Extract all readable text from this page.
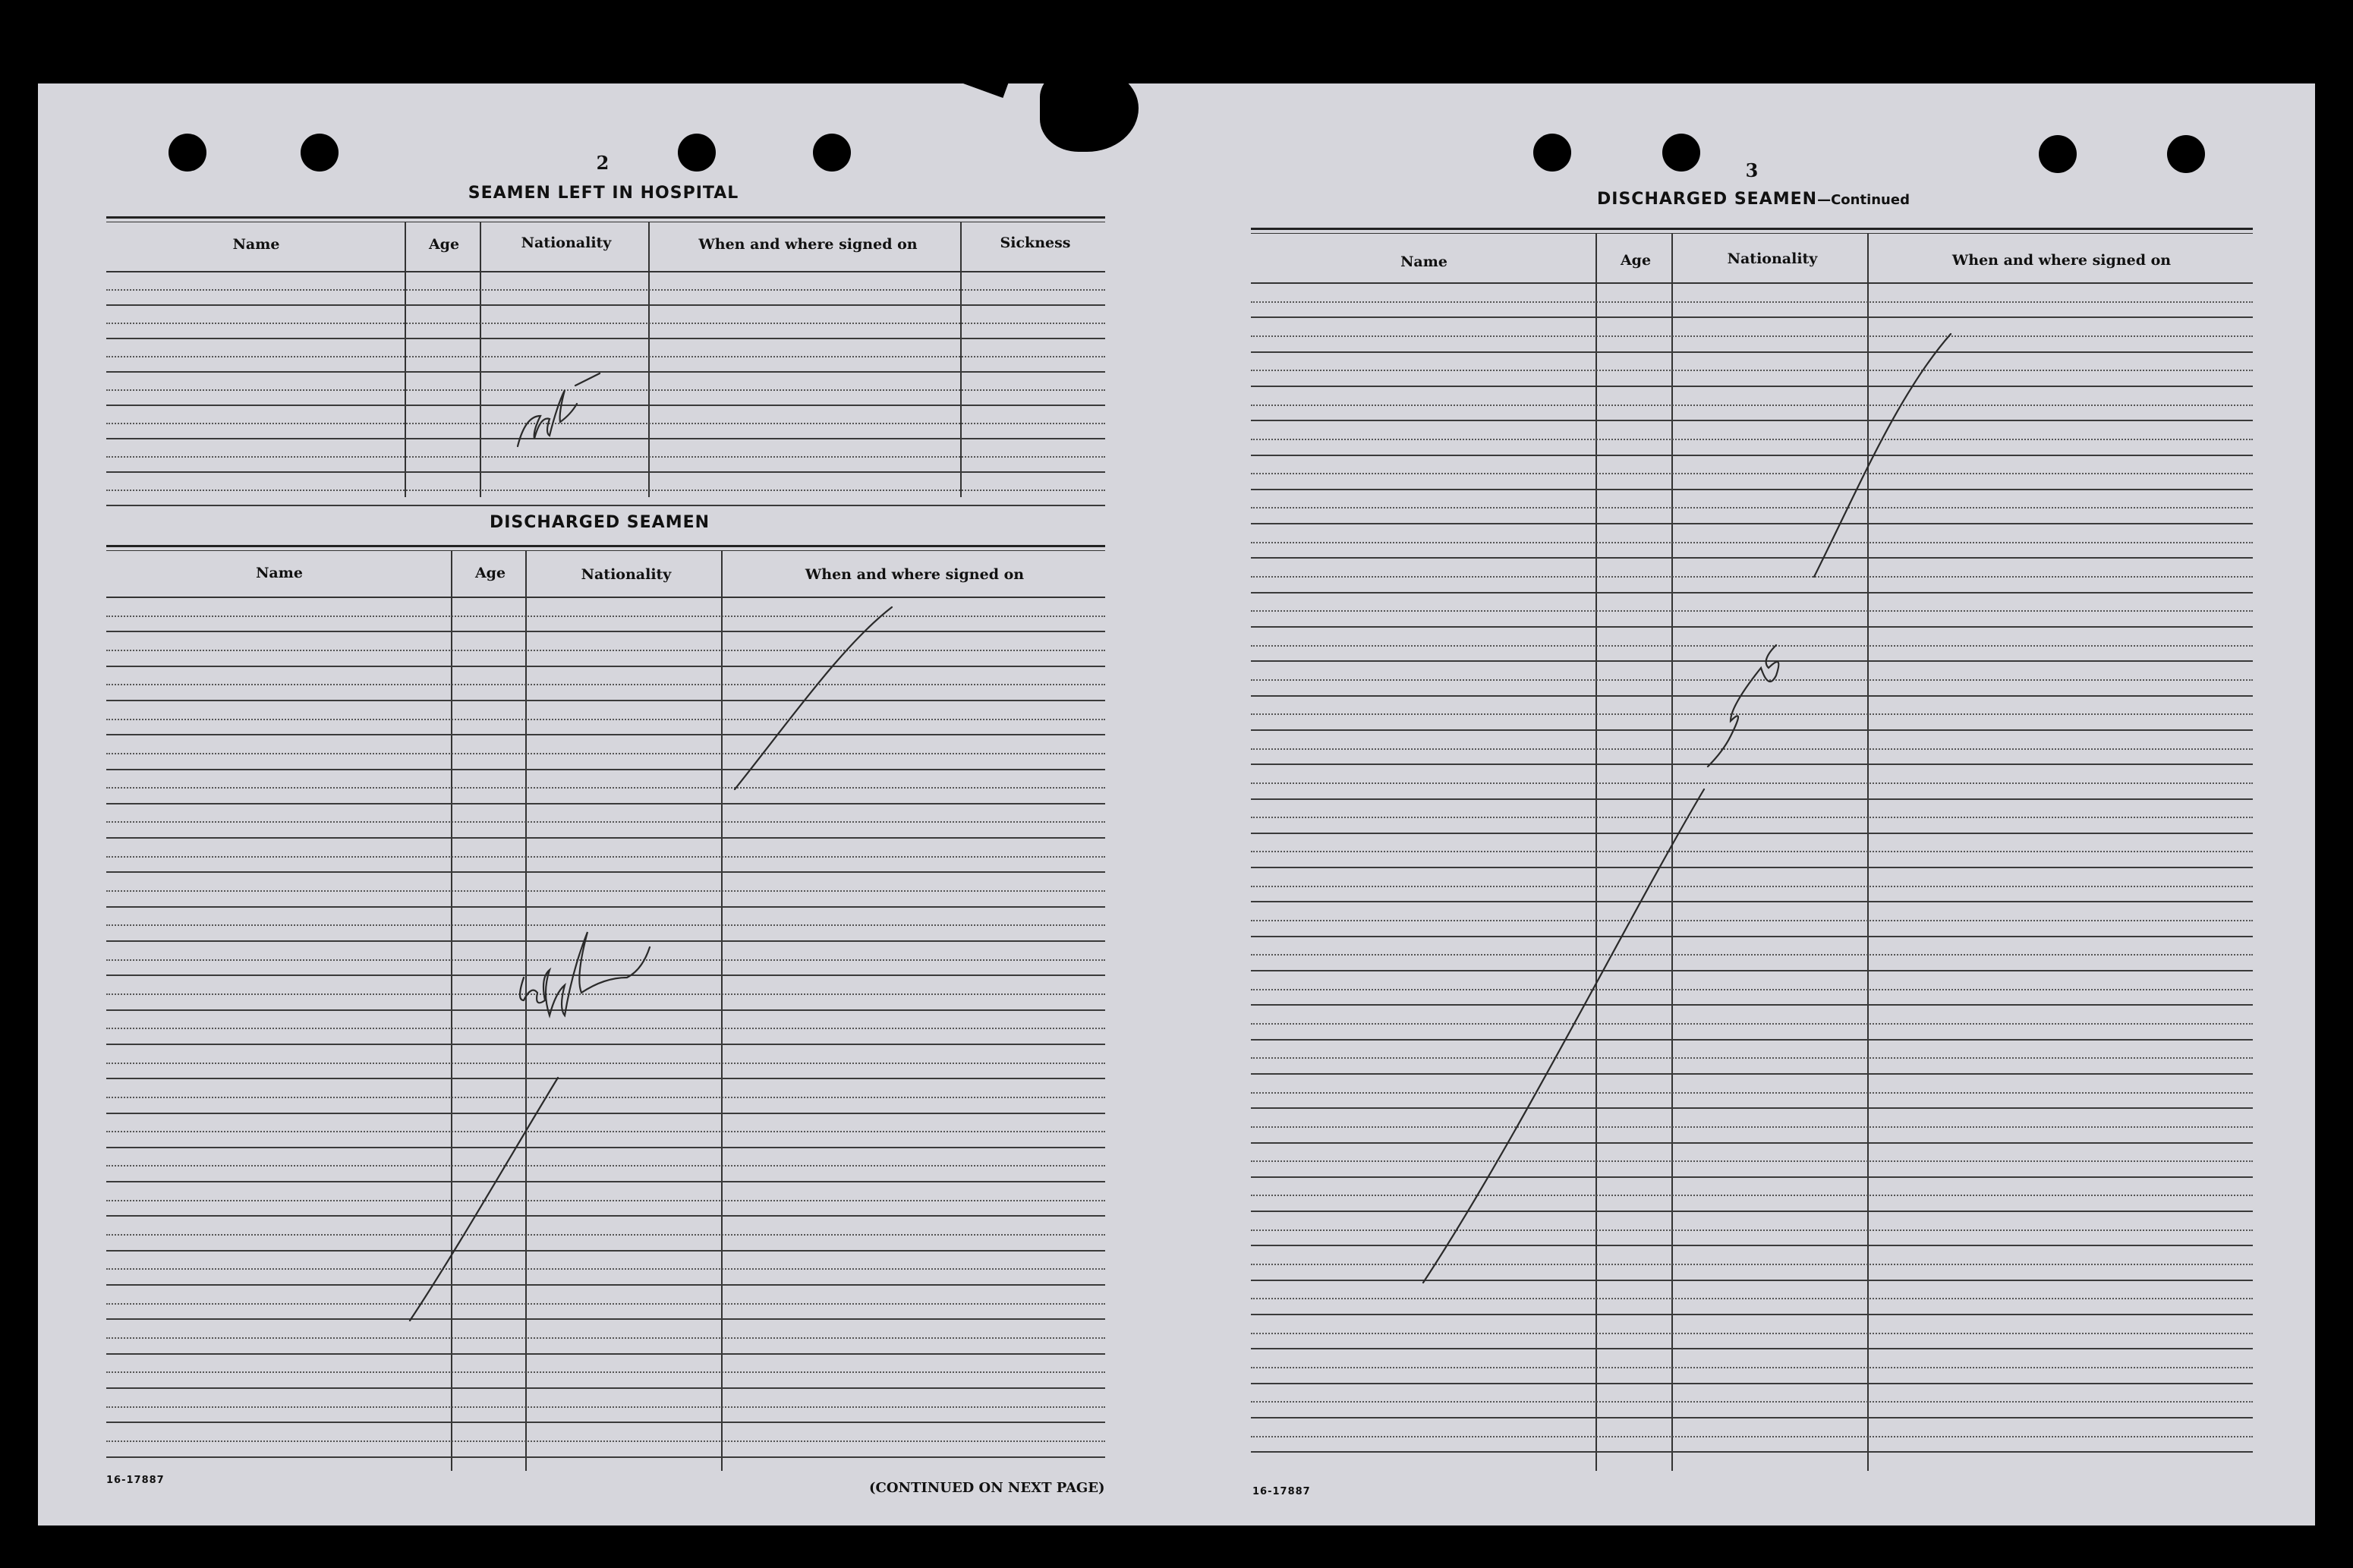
2
SEAMEN LEFT IN HOSPITAL
Name	Age	Nationality	When and where signed on	Sickness
DISCHARGED SEAMEN
Name	Age	Nationality	When and where signed on
16-17887	(CONTINUED ON NEXT PAGE)
3
DISCHARGED SEAMEN—Continued
Name	Age	Nationality	When and where signed on
16-17887
